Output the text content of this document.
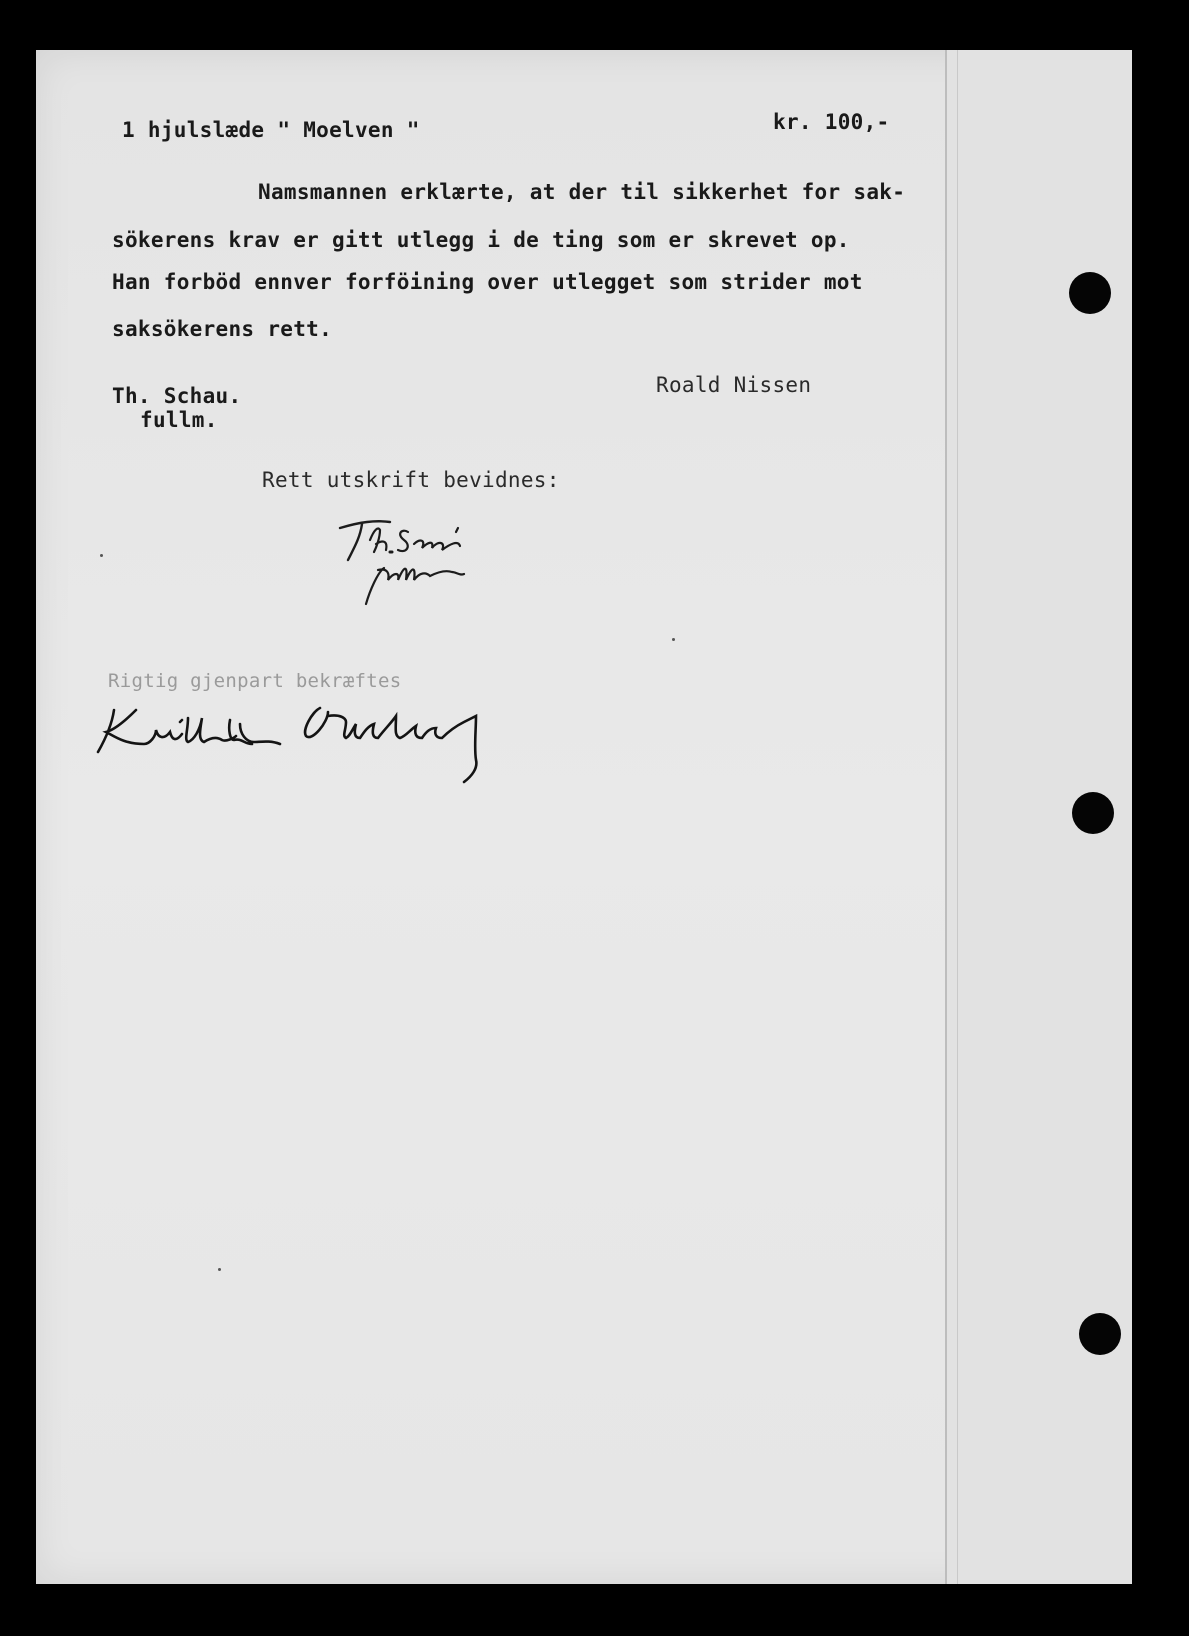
1 hjulslæde " Moelven "	kr. 100,-
Namsmannen erklærte, at der til sikkerhet for sak-
sökerens krav er gitt utlegg i de ting som er skrevet op.
Han forböd ennver forföining over utlegget som strider mot
saksökerens rett.
Th. Schau.
fullm.
Roald Nissen
Rett utskrift bevidnes:
Rigtig gjenpart bekræftes
